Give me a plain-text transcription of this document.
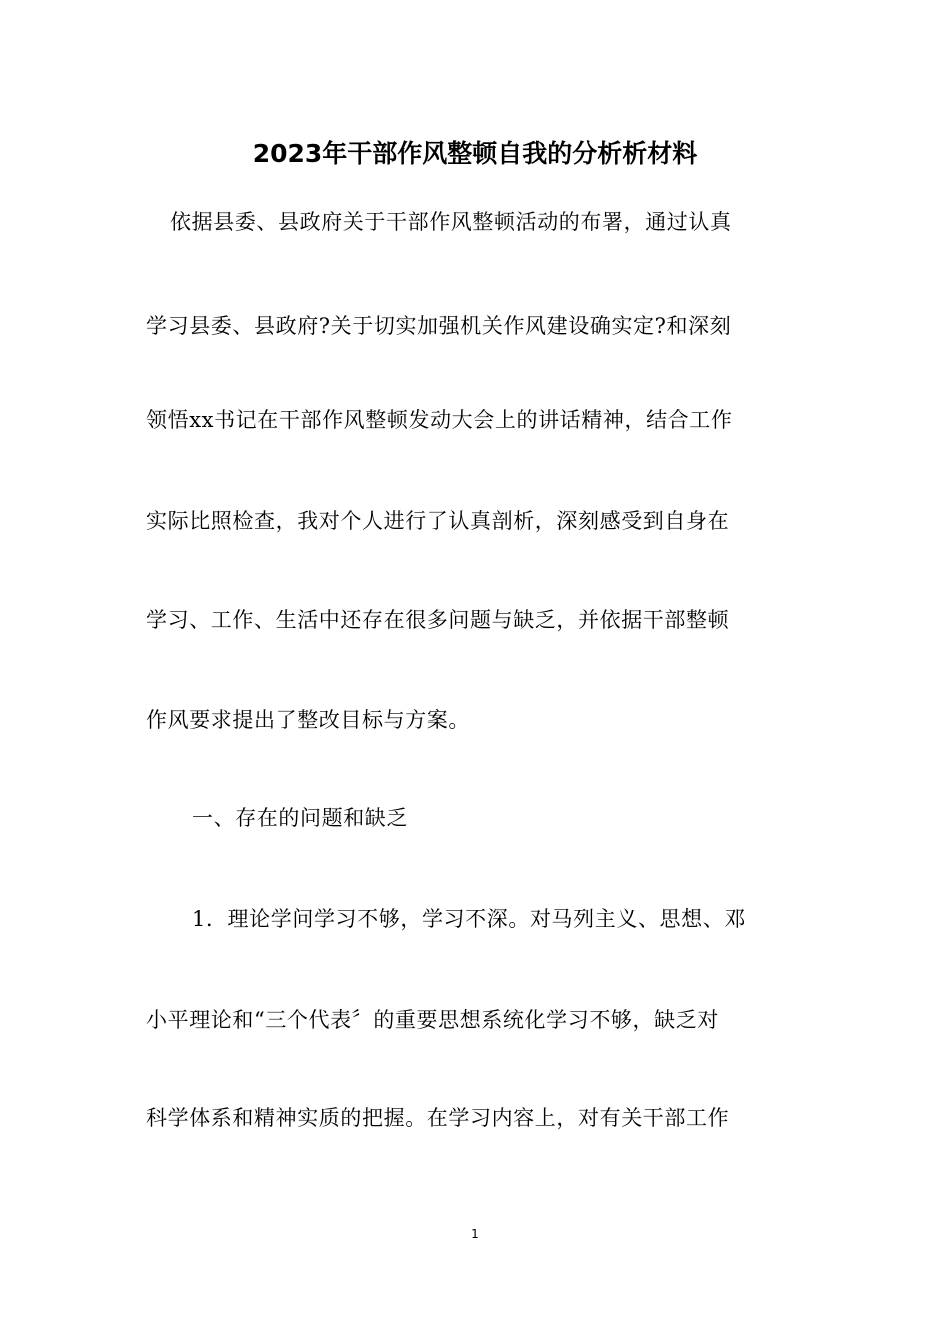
2023年干部作风整顿自我的分析析材料
依据县委、县政府关于干部作风整顿活动的布署，通过认真
学习县委、县政府?关于切实加强机关作风建设确实定?和深刻
领悟xx书记在干部作风整顿发动大会上的讲话精神，结合工作
实际比照检查，我对个人进行了认真剖析，深刻感受到自身在
学习、工作、生活中还存在很多问题与缺乏，并依据干部整顿
作风要求提出了整改目标与方案。
一、存在的问题和缺乏
1．理论学问学习不够，学习不深。对马列主义、思想、邓
小平理论和“三个代表〞的重要思想系统化学习不够，缺乏对
科学体系和精神实质的把握。在学习内容上，对有关干部工作
1
